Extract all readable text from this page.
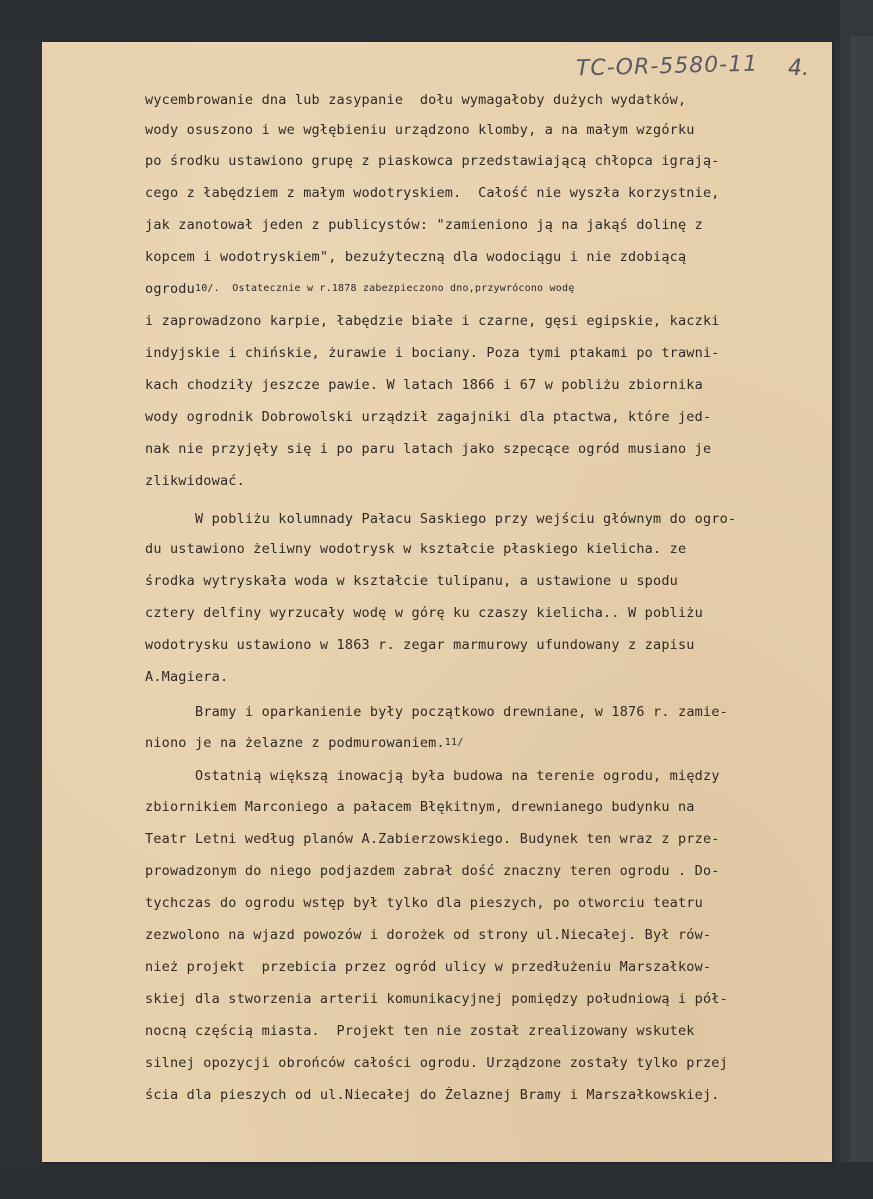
TC-OR-5580-11 4.
wycembrowanie dna lub zasypanie  dołu wymagałoby dużych wydatków,
wody osuszono i we wgłębieniu urządzono klomby, a na małym wzgórku
po środku ustawiono grupę z piaskowca przedstawiającą chłopca igrają-
cego z łabędziem z małym wodotryskiem.  Całość nie wyszła korzystnie,
jak zanotował jeden z publicystów: "zamieniono ją na jakąś dolinę z
kopcem i wodotryskiem", bezużyteczną dla wodociągu i nie zdobiącą
ogrodu$^{10/. Ostatecznie w r.1878 zabezpieczono dno,przywrócono wodę}$
i zaprowadzono karpie, łabędzie białe i czarne, gęsi egipskie, kaczki
indyjskie i chińskie, żurawie i bociany. Poza tymi ptakami po trawni-
kach chodziły jeszcze pawie. W latach 1866 i 67 w pobliżu zbiornika
wody ogrodnik Dobrowolski urządził zagajniki dla ptactwa, które jed-
nak nie przyjęły się i po paru latach jako szpecące ogród musiano je
zlikwidować.
W pobliżu kolumnady Pałacu Saskiego przy wejściu głównym do ogro-
du ustawiono żeliwny wodotrysk w kształcie płaskiego kielicha. ze
środka wytryskała woda w kształcie tulipanu, a ustawione u spodu
cztery delfiny wyrzucały wodę w górę ku czaszy kielicha.. W pobliżu
wodotrysku ustawiono w 1863 r. zegar marmurowy ufundowany z zapisu
A.Magiera.
Bramy i oparkanienie były początkowo drewniane, w 1876 r. zamie-
niono je na żelazne z podmurowaniem.$^{11/}$
Ostatnią większą inowacją była budowa na terenie ogrodu, między
zbiornikiem Marconiego a pałacem Błękitnym, drewnianego budynku na
Teatr Letni według planów A.Zabierzowskiego. Budynek ten wraz z prze-
prowadzonym do niego podjazdem zabrał dość znaczny teren ogrodu . Do-
tychczas do ogrodu wstęp był tylko dla pieszych, po otworciu teatru
zezwolono na wjazd powozów i dorożek od strony ul.Niecałej. Był rów-
nież projekt  przebicia przez ogród ulicy w przedłużeniu Marszałkow-
skiej dla stworzenia arterii komunikacyjnej pomiędzy południową i pół-
nocną częścią miasta.  Projekt ten nie został zrealizowany wskutek
silnej opozycji obrońców całości ogrodu. Urządzone zostały tylko przej
ścia dla pieszych od ul.Niecałej do Żelaznej Bramy i Marszałkowskiej.
